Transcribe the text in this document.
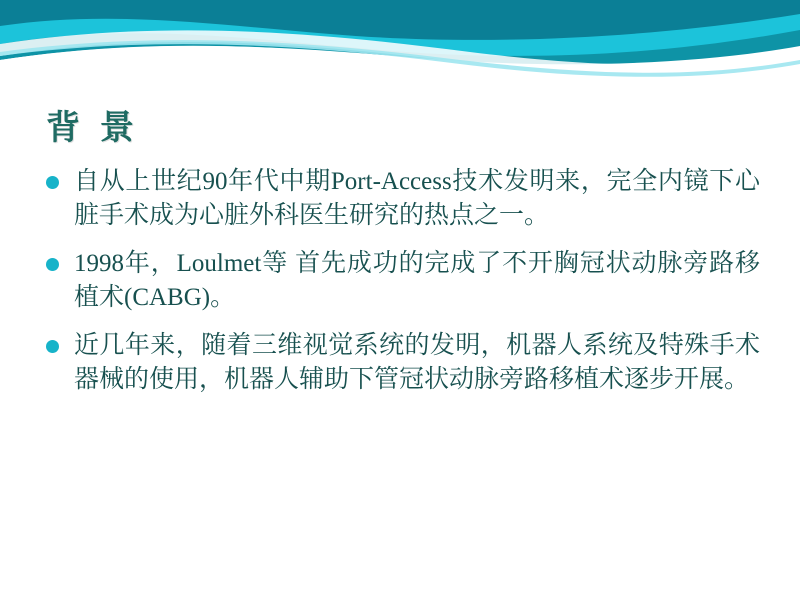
背 景
自从上世纪90年代中期Port-Access技术发明来，完全内镜下心脏手术成为心脏外科医生研究的热点之一。
1998年，Loulmet等 首先成功的完成了不开胸冠状动脉旁路移植术(CABG)。
近几年来，随着三维视觉系统的发明，机器人系统及特殊手术器械的使用，机器人辅助下管冠状动脉旁路移植术逐步开展。
